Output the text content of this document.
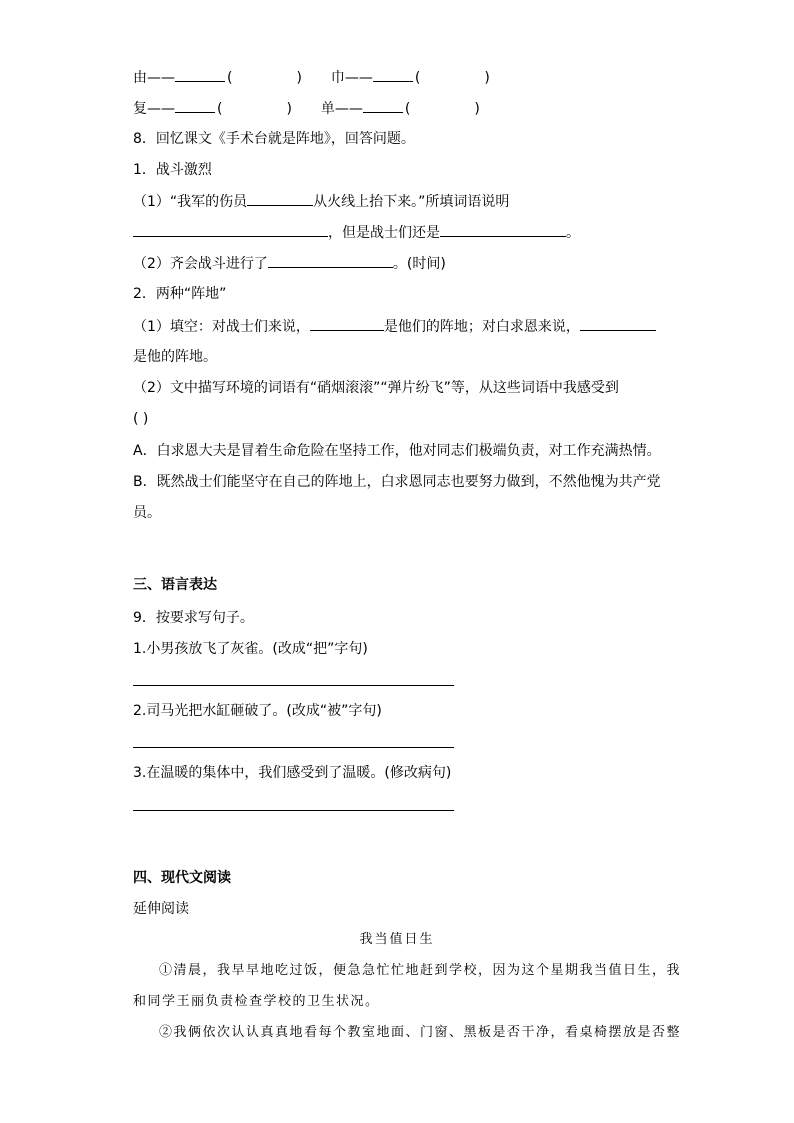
由——	(	) 巾——	(	)
复——	(	) 单——	(	)
8．回忆课文《手术台就是阵地》，回答问题。
1．战斗激烈
（1）“我军的伤员	从火线上抬下来。”所填词语说明
，但是战士们还是	。
（2）齐会战斗进行了	。(时间)
2．两种“阵地”
（1）填空：对战士们来说，	是他们的阵地；对白求恩来说，
是他的阵地。
（2）文中描写环境的词语有“硝烟滚滚”“弹片纷飞”等，从这些词语中我感受到
( )
A．白求恩大夫是冒着生命危险在坚持工作，他对同志们极端负责，对工作充满热情。
B．既然战士们能坚守在自己的阵地上，白求恩同志也要努力做到，不然他愧为共产党
员。
三、语言表达
9．按要求写句子。
1.小男孩放飞了灰雀。(改成“把”字句)
2.司马光把水缸砸破了。(改成“被”字句)
3.在温暖的集体中，我们感受到了温暖。(修改病句)
四、现代文阅读
延伸阅读
我当值日生
①清晨，我早早地吃过饭，便急急忙忙地赶到学校，因为这个星期我当值日生，我
和同学王丽负责检查学校的卫生状况。
②我俩依次认认真真地看每个教室地面、门窗、黑板是否干净，看桌椅摆放是否整
